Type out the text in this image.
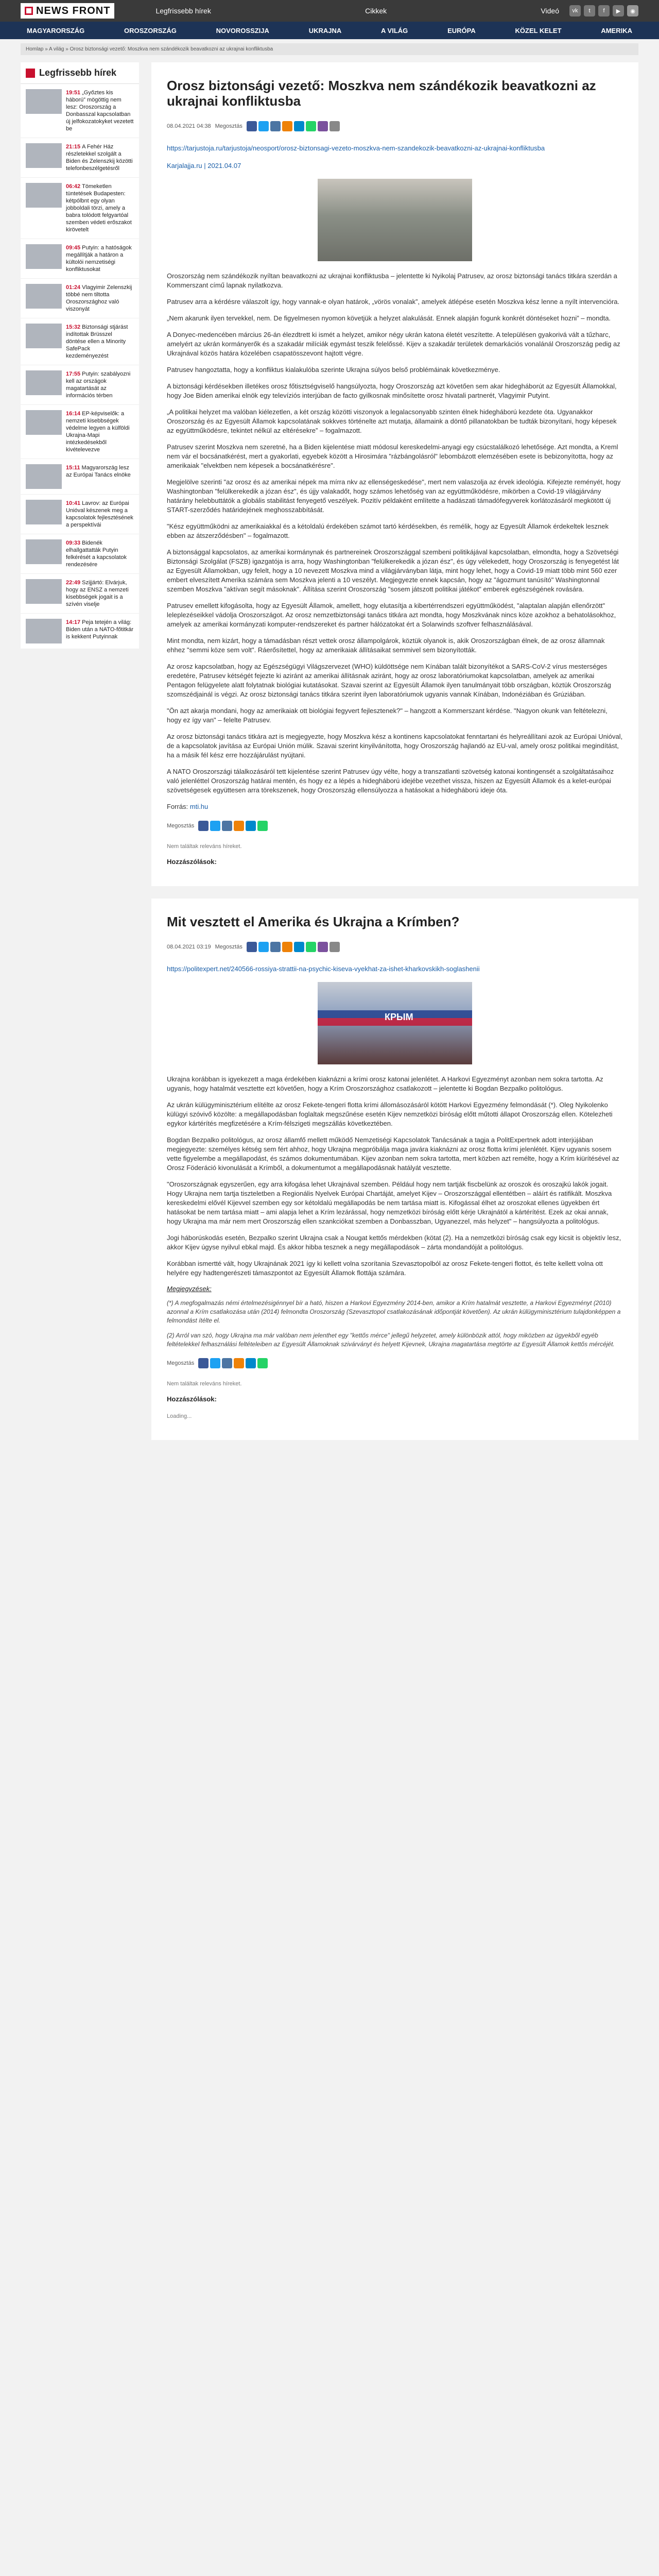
NEWS FRONT	Legfrissebb hírek	Cikkek	Videó	vk	t	f	▶	◉
MAGYARORSZÁG	OROSZORSZÁG	NOVOROSSZIJA	UKRAJNA	A VILÁG	EURÓPA	KÖZEL KELET	AMERIKA
Homlap » A világ » Orosz biztonsági vezető: Moszkva nem szándékozik beavatkozni az ukrajnai konfliktusba
Legfrissebb hírek
19:51 „Győztes kis háború” mögöttig nem lesz: Oroszország a Donbasszal kapcsolatban új jelfokozatokyket vezetett be
21:15 A Fehér Ház részletekkel szolgált a Biden és Zelenszkij közötti telefonbeszélgetésről
06:42 Tömeketlen tüntetések Budapesten: kétpólbnt egy olyan jobboldali törzi, amely a babra tolódott felgyartóal szemben védeti erőszakot kirövetelt
09:45 Putyin: a hatóságok megállítják a határon a kültolói nemzetiségi konfliktusokat
01:24 Vlagyimir Zelenszkij többé nem tiltotta Oroszországhoz való viszonyát
15:32 Biztonsági stjárást indítottak Brüsszel döntése ellen a Minority SafePack kezdeményezést
17:55 Putyin: szabályozni kell az országok magatartását az információs térben
16:14 EP-képviselők: a nemzeti kisebbségek védelme legyen a külföldi Ukrajna-Mapi intézkedésekből kivételevezve
15:11 Magyarország lesz az Európai Tanács elnöke
10:41 Lavrov: az Európai Unióval készenek meg a kapcsolatok fejlesztésének a perspektívái
09:33 Bidenék elhallgattatták Putyin felkérését a kapcsolatok rendezésére
22:49 Szijjártó: Elvárjuk, hogy az ENSZ a nemzeti kisebbségek jogait is a szívén viselje
14:17 Peja tetején a világ: Biden után a NATO-főtitkár is kekkent Putyinnak
Orosz biztonsági vezető: Moszkva nem szándékozik beavatkozni az ukrajnai konfliktusba
08.04.2021 04:38 Megosztás
https://tarjustoja.ru/tarjustoja/neosport/orosz-biztonsagi-vezeto-moszkva-nem-szandekozik-beavatkozni-az-ukrajnai-konfliktusba
Karjalajja.ru | 2021.04.07

Oroszország nem szándékozik nyíltan beavatkozni az ukrajnai konfliktusba – jelentette ki Nyikolaj Patrusev, az orosz biztonsági tanács titkára szerdán a Kommerszant című lapnak nyilatkozva.

Patrusev arra a kérdésre válaszolt így, hogy vannak-e olyan határok, „vörös vonalak”, amelyek átlépése esetén Moszkva kész lenne a nyílt intervencióra.

„Nem akarunk ilyen tervekkel, nem. De figyelmesen nyomon követjük a helyzet alakulását. Ennek alapján fogunk konkrét döntéseket hozni” – mondta.

A Donyec-medencében március 26-án élezdtrett ki ismét a helyzet, amikor négy ukrán katona életét veszítette. A településen gyakorivá vált a tűzharc, amelyért az ukrán kormányerők és a szakadár milíciák egymást teszik felelőssé. Kijev a szakadár területek demarkációs vonalánál Oroszország pedig az Ukrajnával közös határa közelében csapatösszevont hajtott végre.

Patrusev hangoztatta, hogy a konfliktus kialakulóba szerinte Ukrajna súlyos belső problémáinak következménye.

A biztonsági kérdésekben illetékes orosz főtisztségviselő hangsúlyozta, hogy Oroszország azt követően sem akar hidegháborút az Egyesült Államokkal, hogy Joe Biden amerikai elnök egy televíziós interjúban de facto gyilkosnak minősítette orosz hivatali partnerét, Vlagyimir Putyint.

„A politikai helyzet ma valóban kiélezetlen, a két ország közötti viszonyok a legalacsonyabb szinten élnek hidegháború kezdete óta. Ugyanakkor Oroszország és az Egyesült Államok kapcsolatának sokkves történelte azt mutatja, államaink a döntő pillanatokban be tudták bizonyítani, hogy képesek az együttműködésre, tekintet nélkül az eltérésekre” – fogalmazott.

Patrusev szerint Moszkva nem szeretné, ha a Biden kijelentése miatt módosul kereskedelmi-anyagi egy csúcstalálkozó lehetősége. Azt mondta, a Kreml nem vár el bocsánatkérést, mert a gyakorlati, egyebek között a Hirosimára "rázbángolásról" lebombázott elemzésében esete is bebizonyította, hogy az amerikaiak "elvektben nem képesek a bocsánatkérésre".

Megjelölve szerinti "az orosz és az amerikai népek ma mírra nkv az ellenségeskedése", mert nem valaszolja az érvek ideológia. Kifejezte reményét, hogy Washingtonban "felülkerekedik a józan ész", és újjy valakadőt, hogy számos lehetőség van az együttműködésre, mikörben a Covid-19 világjárvány határány helebbuttátók a globális stabilitást fenyegető veszélyek. Pozitív példaként említette a hadászati támadófegyverek korlátozásáról megkötött új START-szerződés határidejének meghosszabbítását.

"Kész együttműködni az amerikaiakkal és a kétoldalú érdekében számot tartó kérdésekben, és remélik, hogy az Egyesült Államok érdekeltek lesznek ebben az átszerződésben" – fogalmazott.

A biztonsággal kapcsolatos, az amerikai kormánynak és partnereinek Oroszországgal szembeni politikájával kapcsolatban, elmondta, hogy a Szövetségi Biztonsági Szolgálat (FSZB) igazgatója is arra, hogy Washingtonban "felülkerekedik a józan ész", és úgy vélekedett, hogy Oroszország is fenyegetést lát az Egyesült Államokban, ugy felelt, hogy a 10 nevezett Moszkva mind a világjárványban látja, mint hogy lehet, hogy a Covid-19 miatt több mint 560 ezer embert elveszített Amerika számára sem Moszkva jelenti a 10 veszélyt. Megjegyezte ennek kapcsán, hogy az "ágozmunt tanúsító" Washingtonnal szemben Moszkva "aktívan segít másoknak". Állítása szerint Oroszország "sosem játszott politikai játékot" emberek egészségének rovására.

Patrusev emellett kifogásolta, hogy az Egyesült Államok, amellett, hogy elutasítja a kibertérrendszeri együttműködést, "alaptalan alapján ellenőrzött" leleplezéseikkel vádolja Oroszországot. Az orosz nemzetbiztonsági tanács titkára azt mondta, hogy Moszkvának nincs köze azokhoz a behatolásokhoz, amelyek az amerikai kormányzati komputer-rendszereket és partner hálózatokat ért a Solarwinds szoftver felhasználásával.

Mint mondta, nem kizárt, hogy a támadásban részt vettek orosz állampolgárok, köztük olyanok is, akik Oroszországban élnek, de az orosz államnak ehhez "semmi köze sem volt". Ráerősítettel, hogy az amerikaiak állításaikat semmivel sem bizonyították.

Az orosz kapcsolatban, hogy az Egészségügyi Világszervezet (WHO) küldöttsége nem Kínában talált bizonyítékot a SARS-CoV-2 vírus mesterséges eredetére, Patrusev kétségét fejezte ki aziránt az amerikai állításnak aziránt, hogy az orosz laboratóriumokat kapcsolatban, amelyek az amerikai Pentagon felügyelete alatt folytatnak biológiai kutatásokat. Szavai szerint az Egyesült Államok ilyen tanulmányait több országban, köztük Oroszország szomszédjainál is végzi. Az orosz biztonsági tanács titkára szerint ilyen laboratóriumok ugyanis vannak Kínában, Indonéziában és Grúziában.

"Ön azt akarja mondani, hogy az amerikaiak ott biológiai fegyvert fejlesztenek?" – hangzott a Kommerszant kérdése. "Nagyon okunk van feltételezni, hogy ez így van" – felelte Patrusev.

Az orosz biztonsági tanács titkára azt is megjegyezte, hogy Moszkva kész a kontinens kapcsolatokat fenntartani és helyreállítani azok az Európai Unióval, de a kapcsolatok javítása az Európai Unión múlik. Szavai szerint kinyilvánította, hogy Oroszország hajlandó az EU-val, amely orosz politikai megindítást, ha a másik fél kész erre hozzájárulást nyújtani.

A NATO Oroszországi tálalkozásáról tett kijelentése szerint Patrusev úgy vélte, hogy a transzatlanti szövetség katonai kontingensét a szolgáltatásaihoz való jelenléttel Oroszország határai mentén, és hogy ez a lépés a hidegháború idejébe vezethet vissza, hiszen az Egyesült Államok és a kelet-európai szövetségesek együttesen arra törekszenek, hogy Oroszország ellensúlyozza a hatásokat a hidegháború ideje óta.

Forrás: mti.hu

Megosztás
Nem találtak releváns híreket.
Hozzászólások:
Mit vesztett el Amerika és Ukrajna a Krímben?
08.04.2021 03:19 Megosztás
https://politexpert.net/240566-rossiya-strattii-na-psychic-kiseva-vyekhat-za-ishet-kharkovskikh-soglashenii
КРЫМ

Ukrajna korábban is igyekezett a maga érdekében kiaknázni a krími orosz katonai jelenlétet. A Harkovi Egyezményt azonban nem sokra tartotta. Az ugyanis, hogy hatalmát vesztette ezt követően, hogy a Krím Oroszországhoz csatlakozott – jelentette ki Bogdan Bezpalko politológus.

Az ukrán külügyminisztérium elítélte az orosz Fekete-tengeri flotta krími állomásozásáról kötött Harkovi Egyezmény felmondását (*). Oleg Nyikolenko külügyi szóvivő közölte: a megállapodásban foglaltak megszűnése esetén Kijev nemzetközi bíróság előtt műtotti állapot Oroszország ellen. Kötelezheti egykor kártérítés megfizetésére a Krím-félszigeti megszállás következtében.

Bogdan Bezpalko politológus, az orosz államfő mellett működő Nemzetiségi Kapcsolatok Tanácsának a tagja a PolitExpertnek adott interjújában megjegyezte: személyes kétség sem fért ahhoz, hogy Ukrajna megpróbálja maga javára kiaknázni az orosz flotta krími jelenlétét. Kijev ugyanis sosem vette figyelembe a megállapodást, és számos dokumentumában. Kijev azonban nem sokra tartotta, mert közben azt remélte, hogy a Krím kiürítésével az Orosz Föderáció kivonulását a Krímből, a dokumentumot a megállapodásnak hatályát vesztette.

"Oroszországnak egyszerűen, egy arra kifogása lehet Ukrajnával szemben. Például hogy nem tartják fiscbelünk az oroszok és oroszajkú lakók jogait. Hogy Ukrajna nem tartja tiszteletben a Regionális Nyelvek Európai Chartáját, amelyet Kijev – Oroszországgal ellentétben – aláírt és ratifikált. Moszkva kereskedelmi elővél Kijevvel szemben egy sor kétoldalú megállapodás be nem tartása miatt is. Kifogással élhet az oroszokat ellenes ügyekben ért hatásokat be nem tartása miatt – ami alapja lehet a Krím lezárással, hogy nemzetközi bíróság előtt kérje Ukrajnától a kártérítést. Ezek az okai annak, hogy Ukrajna ma már nem mert Oroszország ellen szankciókat szemben a Donbasszban, Ugyanezzel, más helyzet" – hangsúlyozta a politológus.

Jogi háborúskodás esetén, Bezpalko szerint Ukrajna csak a Nougat kettős mérdekben (kötat (2). Ha a nemzetközi bíróság csak egy kicsit is objektív lesz, akkor Kijev úgyse nyilvul ebkal majd. És akkor hibba tesznek a negy megállapodások – zárta mondandóját a politológus.

Korábban ismertté vált, hogy Ukrajnának 2021 így ki kellett volna szorítania Szevasztopolból az orosz Fekete-tengeri flottot, és telte kellett volna ott helyére egy hadtengerészeti támaszpontot az Egyesült Államok flottája számára.

Megjegyzések:
(*) A megfogalmazás némi értelmezésigénnyel bír a ható, hiszen a Harkovi Egyezmény 2014-ben, amikor a Krím hatalmát vesztette, a Harkovi Egyezményt (2010) azonnal a Krím csatlakozása után (2014) felmondta Oroszország (Szevasztopol csatlakozásának időpontját követően). Az ukrán külügyminisztérium tulajdonképpen a felmondást ítélte el.
(2) Arról van szó, hogy Ukrajna ma már valóban nem jelenthet egy "kettős mérce" jellegű helyzetet, amely különbözik attól, hogy miközben az ügyekből egyéb feltételekkel felhasználási feltételeiben az Egyesült Államoknak szivárványt és helyett Kijevnek, Ukrajna magatartása megtörte az Egyesült Államok kettős mércéjét.
Megosztás
Nem találtak releváns híreket.
Hozzászólások:
Loading...
